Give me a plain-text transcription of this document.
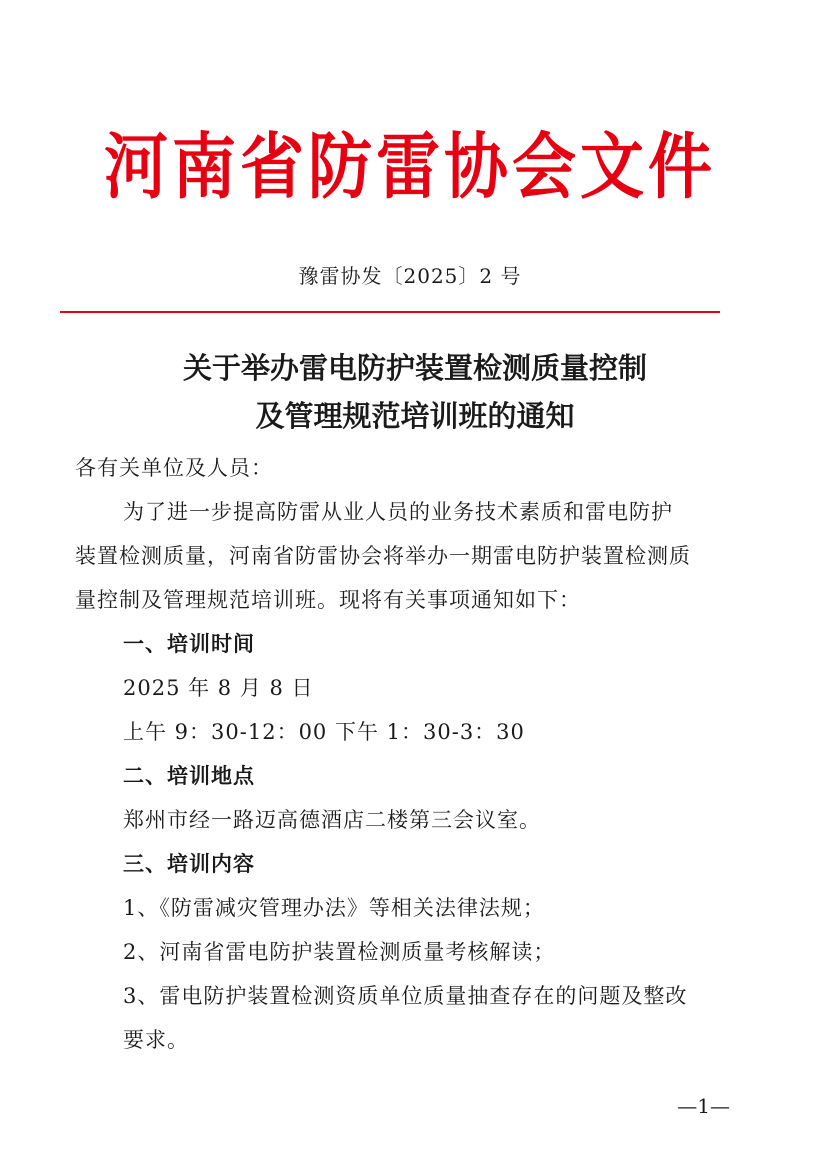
河南省防雷协会文件
豫雷协发〔2025〕2 号
关于举办雷电防护装置检测质量控制
及管理规范培训班的通知
各有关单位及人员：
为了进一步提高防雷从业人员的业务技术素质和雷电防护
装置检测质量，河南省防雷协会将举办一期雷电防护装置检测质
量控制及管理规范培训班。现将有关事项通知如下：
一、培训时间
2025 年 8 月 8 日
上午 9：30-12：00 下午 1：30-3：30
二、培训地点
郑州市经一路迈高德酒店二楼第三会议室。
三、培训内容
1、《防雷减灾管理办法》等相关法律法规；
2、河南省雷电防护装置检测质量考核解读；
3、雷电防护装置检测资质单位质量抽查存在的问题及整改
要求。
—1—
